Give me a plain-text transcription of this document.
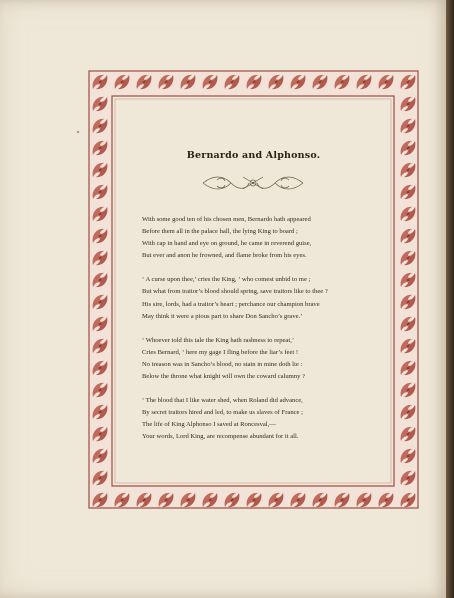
Bernardo and Alphonso.

With some good ten of his chosen men, Bernardo hath appeared

Before them all in the palace hall, the lying King to board ;

With cap in hand and eye on ground, he came in reverend guise,

But ever and anon he frowned, and flame broke from his eyes.

‘ A curse upon thee,’ cries the King, ‘ who comest unbid to me ;

But what from traitor’s blood should spring, save traitors like to thee ?

His sire, lords, had a traitor’s heart ; perchance our champion brave

May think it were a pious part to share Don Sancho’s grave.’

‘ Whoever told this tale the King hath rashness to repeat,’

Cries Bernard, ‘ here my gage I fling before the liar’s feet !

No treason was in Sancho’s blood, no stain in mine doth lie :

Below the throne what knight will own the coward calumny ?

‘ The blood that I like water shed, when Roland did advance,

By secret traitors hired and led, to make us slaves of France ;

The life of King Alphonso I saved at Roncesval,—

Your words, Lord King, are recompense abundant for it all.
